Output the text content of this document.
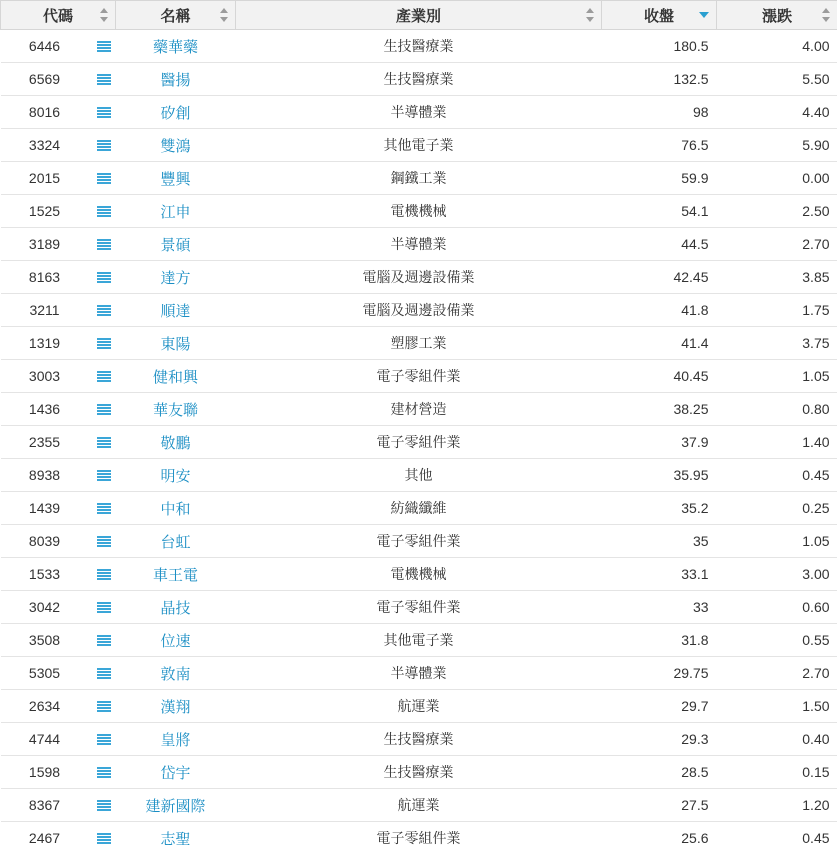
代碼		名稱	產業別	收盤	漲跌

6446		藥華藥	生技醫療業	180.5	4.00
6569		醫揚	生技醫療業	132.5	5.50
8016		矽創	半導體業	98	4.40
3324		雙鴻	其他電子業	76.5	5.90
2015		豐興	鋼鐵工業	59.9	0.00
1525		江申	電機機械	54.1	2.50
3189		景碩	半導體業	44.5	2.70
8163		達方	電腦及週邊設備業	42.45	3.85
3211		順達	電腦及週邊設備業	41.8	1.75
1319		東陽	塑膠工業	41.4	3.75
3003		健和興	電子零組件業	40.45	1.05
1436		華友聯	建材營造	38.25	0.80
2355		敬鵬	電子零組件業	37.9	1.40
8938		明安	其他	35.95	0.45
1439		中和	紡織纖維	35.2	0.25
8039		台虹	電子零組件業	35	1.05
1533		車王電	電機機械	33.1	3.00
3042		晶技	電子零組件業	33	0.60
3508		位速	其他電子業	31.8	0.55
5305		敦南	半導體業	29.75	2.70
2634		漢翔	航運業	29.7	1.50
4744		皇將	生技醫療業	29.3	0.40
1598		岱宇	生技醫療業	28.5	0.15
8367		建新國際	航運業	27.5	1.20
2467		志聖	電子零組件業	25.6	0.45
